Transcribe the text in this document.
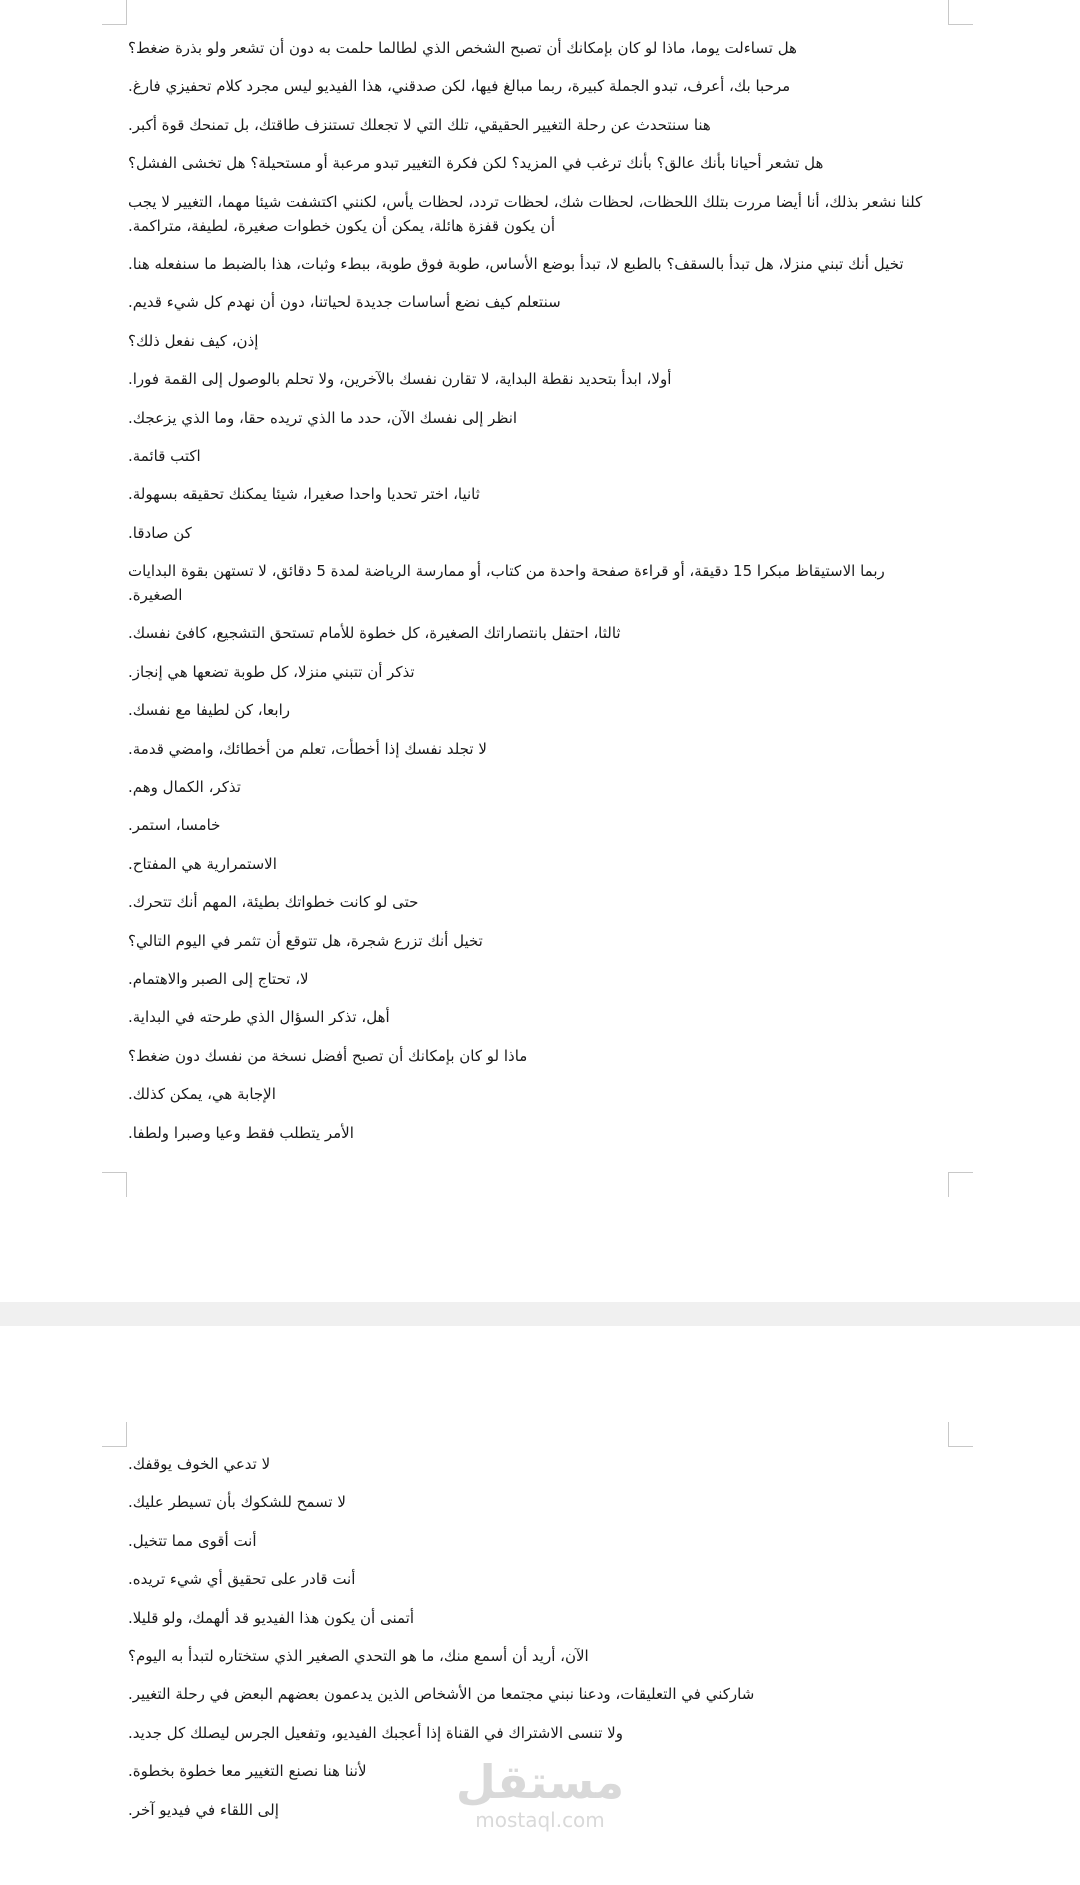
هل تساءلت يوما، ماذا لو كان بإمكانك أن تصبح الشخص الذي لطالما حلمت به دون أن تشعر ولو بذرة ضغط؟

مرحبا بك، أعرف، تبدو الجملة كبيرة، ربما مبالغ فيها، لكن صدقني، هذا الفيديو ليس مجرد كلام تحفيزي فارغ.

هنا سنتحدث عن رحلة التغيير الحقيقي، تلك التي لا تجعلك تستنزف طاقتك، بل تمنحك قوة أكبر.

هل تشعر أحيانا بأنك عالق؟ بأنك ترغب في المزيد؟ لكن فكرة التغيير تبدو مرعبة أو مستحيلة؟ هل تخشى الفشل؟

كلنا نشعر بذلك، أنا أيضا مررت بتلك اللحظات، لحظات شك، لحظات تردد، لحظات يأس، لكنني اكتشفت شيئا مهما، التغيير لا يجب أن يكون قفزة هائلة، يمكن أن يكون خطوات صغيرة، لطيفة، متراكمة.

تخيل أنك تبني منزلا، هل تبدأ بالسقف؟ بالطبع لا، تبدأ بوضع الأساس، طوبة فوق طوبة، ببطء وثبات، هذا بالضبط ما سنفعله هنا.

سنتعلم كيف نضع أساسات جديدة لحياتنا، دون أن نهدم كل شيء قديم.

إذن، كيف نفعل ذلك؟

أولا، ابدأ بتحديد نقطة البداية، لا تقارن نفسك بالآخرين، ولا تحلم بالوصول إلى القمة فورا.

انظر إلى نفسك الآن، حدد ما الذي تريده حقا، وما الذي يزعجك.

اكتب قائمة.

ثانيا، اختر تحديا واحدا صغيرا، شيئا يمكنك تحقيقه بسهولة.

كن صادقا.

ربما الاستيقاظ مبكرا 15 دقيقة، أو قراءة صفحة واحدة من كتاب، أو ممارسة الرياضة لمدة 5 دقائق، لا تستهن بقوة البدايات الصغيرة.

ثالثا، احتفل بانتصاراتك الصغيرة، كل خطوة للأمام تستحق التشجيع، كافئ نفسك.

تذكر أن تتبني منزلا، كل طوبة تضعها هي إنجاز.

رابعا، كن لطيفا مع نفسك.

لا تجلد نفسك إذا أخطأت، تعلم من أخطائك، وامضي قدمة.

تذكر، الكمال وهم.

خامسا، استمر.

الاستمرارية هي المفتاح.

حتى لو كانت خطواتك بطيئة، المهم أنك تتحرك.

تخيل أنك تزرع شجرة، هل تتوقع أن تثمر في اليوم التالي؟

لا، تحتاج إلى الصبر والاهتمام.

أهل، تذكر السؤال الذي طرحته في البداية.

ماذا لو كان بإمكانك أن تصبح أفضل نسخة من نفسك دون ضغط؟

الإجابة هي، يمكن كذلك.

الأمر يتطلب فقط وعيا وصبرا ولطفا.

لا تدعي الخوف يوقفك.

لا تسمح للشكوك بأن تسيطر عليك.

أنت أقوى مما تتخيل.

أنت قادر على تحقيق أي شيء تريده.

أتمنى أن يكون هذا الفيديو قد ألهمك، ولو قليلا.

الآن، أريد أن أسمع منك، ما هو التحدي الصغير الذي ستختاره لتبدأ به اليوم؟

شاركني في التعليقات، ودعنا نبني مجتمعا من الأشخاص الذين يدعمون بعضهم البعض في رحلة التغيير.

ولا تنسى الاشتراك في القناة إذا أعجبك الفيديو، وتفعيل الجرس ليصلك كل جديد.

لأننا هنا نصنع التغيير معا خطوة بخطوة.

إلى اللقاء في فيديو آخر.

مستقل
mostaql.com
